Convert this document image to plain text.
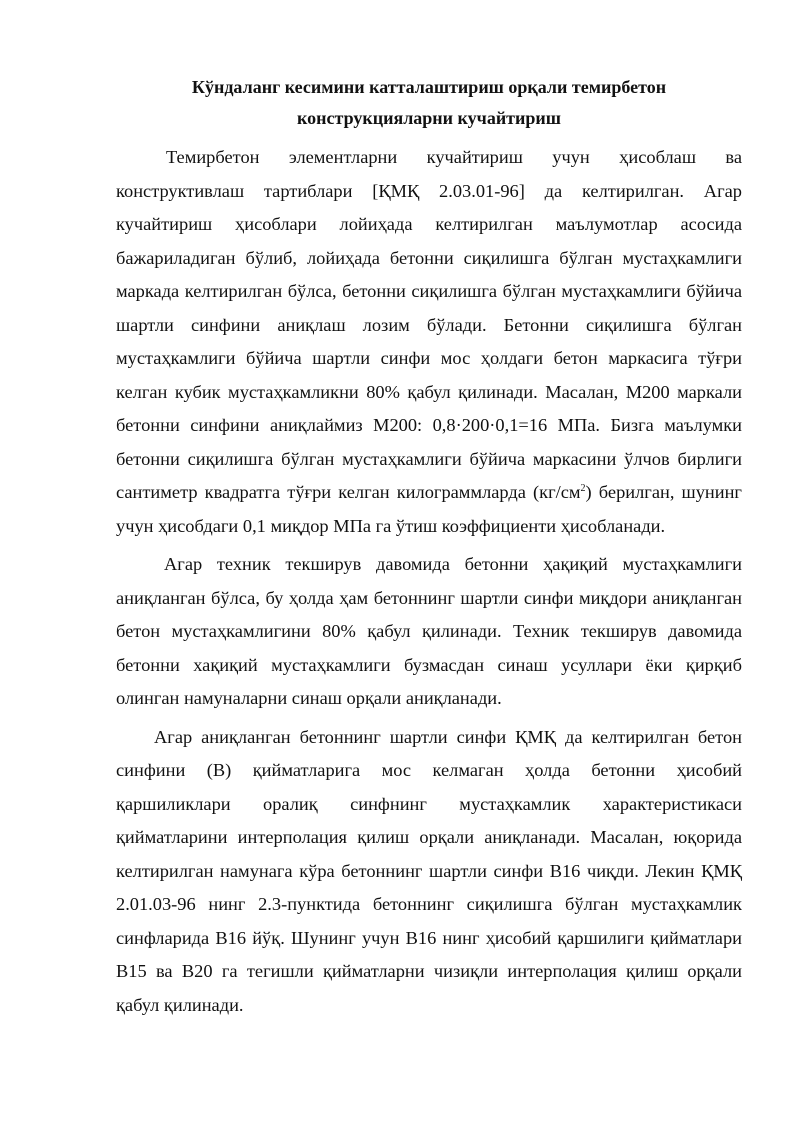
Кўндаланг кесимини катталаштириш орқали темирбетон
конструкцияларни кучайтириш

Темирбетон элементларни кучайтириш учун ҳисоблаш ва конструктивлаш тартиблари [ҚМҚ 2.03.01-96] да келтирилган. Агар кучайтириш ҳисоблари лойиҳада келтирилган маълумотлар асосида бажариладиган бўлиб, лойиҳада бетонни сиқилишга бўлган мустаҳкамлиги маркада келтирилган бўлса, бетонни сиқилишга бўлган мустаҳкамлиги бўйича шартли синфини аниқлаш лозим бўлади. Бетонни сиқилишга бўлган мустаҳкамлиги бўйича шартли синфи мос ҳолдаги бетон маркасига тўғри келган кубик мустаҳкамликни 80% қабул қилинади. Масалан, М200 маркали бетонни синфини аниқлаймиз М200: 0,8·200·0,1=16 МПа. Бизга маълумки бетонни сиқилишга бўлган мустаҳкамлиги бўйича маркасини ўлчов бирлиги сантиметр квадратга тўғри келган килограммларда $(кг/см^2)$ берилган, шунинг учун ҳисобдаги 0,1 миқдор МПа га ўтиш коэффициенти ҳисобланади.

Агар техник текширув давомида бетонни ҳақиқий мустаҳкамлиги аниқланган бўлса, бу ҳолда ҳам бетоннинг шартли синфи миқдори аниқланган бетон мустаҳкамлигини 80% қабул қилинади. Техник текширув давомида бетонни хақиқий мустаҳкамлиги бузмасдан синаш усуллари ёки қирқиб олинган намуналарни синаш орқали аниқланади.

Агар аниқланган бетоннинг шартли синфи ҚМҚ да келтирилган бетон синфини (В) қийматларига мос келмаган ҳолда бетонни ҳисобий қаршиликлари оралиқ синфнинг мустаҳкамлик характеристикаси қийматларини интерполация қилиш орқали аниқланади. Масалан, юқорида келтирилган намунага кўра бетоннинг шартли синфи В16 чиқди. Лекин ҚМҚ 2.01.03-96 нинг 2.3-пунктида бетоннинг сиқилишга бўлган мустаҳкамлик синфларида В16 йўқ. Шунинг учун В16 нинг ҳисобий қаршилиги қийматлари В15 ва В20 га тегишли қийматларни чизиқли интерполация қилиш орқали қабул қилинади.
